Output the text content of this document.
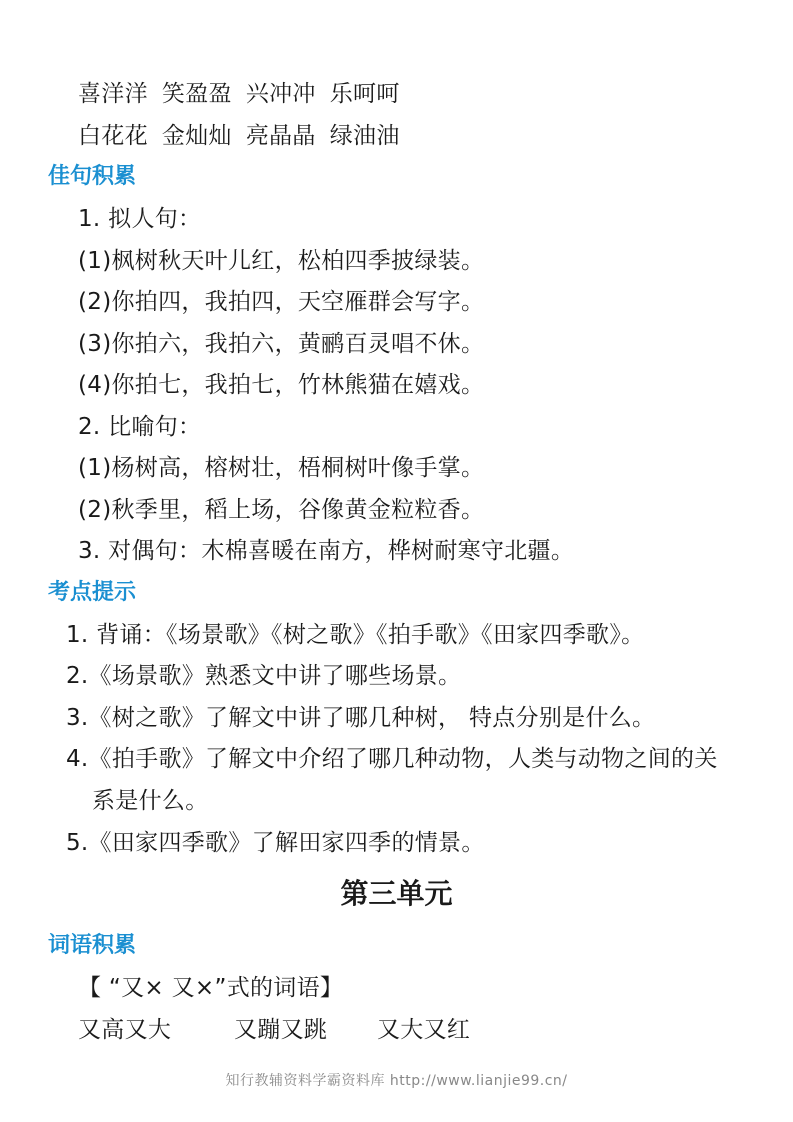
喜洋洋 笑盈盈 兴冲冲 乐呵呵
白花花 金灿灿 亮晶晶 绿油油
佳句积累
1. 拟人句：
(1)枫树秋天叶儿红，松柏四季披绿装。
(2)你拍四，我拍四，天空雁群会写字。
(3)你拍六，我拍六，黄鹂百灵唱不休。
(4)你拍七，我拍七，竹林熊猫在嬉戏。
2. 比喻句：
(1)杨树高，榕树壮，梧桐树叶像手掌。
(2)秋季里，稻上场，谷像黄金粒粒香。
3. 对偶句：木棉喜暖在南方，桦树耐寒守北疆。
考点提示
1. 背诵：《场景歌》《树之歌》《拍手歌》《田家四季歌》。
2.《场景歌》熟悉文中讲了哪些场景。
3.《树之歌》了解文中讲了哪几种树， 特点分别是什么。
4.《拍手歌》了解文中介绍了哪几种动物，人类与动物之间的关
系是什么。
5.《田家四季歌》了解田家四季的情景。
第三单元
词语积累
【 “又× 又×”式的词语】
又高又大	又蹦又跳 又大又红
知行教辅资料学霸资料库 http://www.lianjie99.cn/
